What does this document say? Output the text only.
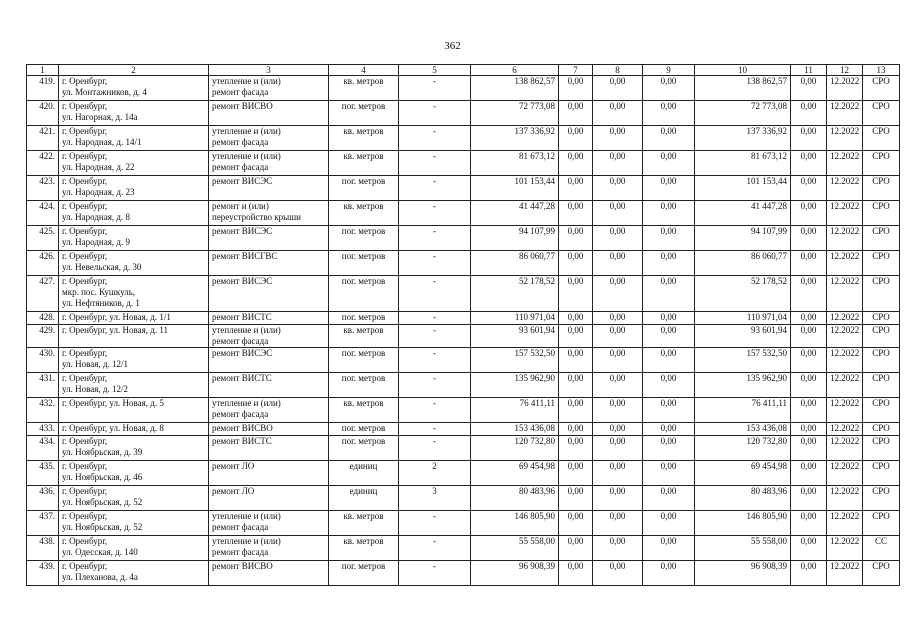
362
1	2	3	4	5	6	7	8	9	10	11	12	13
419.	г. Оренбург,
ул. Монтажников, д. 4	утепление и (или)
ремонт фасада	кв. метров	-	138 862,57	0,00	0,00	0,00	138 862,57	0,00	12.2022	СРО
420.	г. Оренбург,
ул. Нагорная, д. 14а	ремонт ВИСВО	пог. метров	-	72 773,08	0,00	0,00	0,00	72 773,08	0,00	12.2022	СРО
421.	г. Оренбург,
ул. Народная, д. 14/1	утепление и (или)
ремонт фасада	кв. метров	-	137 336,92	0,00	0,00	0,00	137 336,92	0,00	12.2022	СРО
422.	г. Оренбург,
ул. Народная, д. 22	утепление и (или)
ремонт фасада	кв. метров	-	81 673,12	0,00	0,00	0,00	81 673,12	0,00	12.2022	СРО
423.	г. Оренбург,
ул. Народная, д. 23	ремонт ВИСЭС	пог. метров	-	101 153,44	0,00	0,00	0,00	101 153,44	0,00	12.2022	СРО
424.	г. Оренбург,
ул. Народная, д. 8	ремонт и (или)
переустройство крыши	кв. метров	-	41 447,28	0,00	0,00	0,00	41 447,28	0,00	12.2022	СРО
425.	г. Оренбург,
ул. Народная, д. 9	ремонт ВИСЭС	пог. метров	-	94 107,99	0,00	0,00	0,00	94 107,99	0,00	12.2022	СРО
426.	г. Оренбург,
ул. Невельская, д. 30	ремонт ВИСГВС	пог. метров	-	86 060,77	0,00	0,00	0,00	86 060,77	0,00	12.2022	СРО
427.	г. Оренбург,
мкр. пос. Кушкуль,
ул. Нефтяников, д. 1	ремонт ВИСЭС	пог. метров	-	52 178,52	0,00	0,00	0,00	52 178,52	0,00	12.2022	СРО
428.	г. Оренбург, ул. Новая, д. 1/1	ремонт ВИСТС	пог. метров	-	110 971,04	0,00	0,00	0,00	110 971,04	0,00	12.2022	СРО
429.	г. Оренбург, ул. Новая, д. 11	утепление и (или)
ремонт фасада	кв. метров	-	93 601,94	0,00	0,00	0,00	93 601,94	0,00	12.2022	СРО
430.	г. Оренбург,
ул. Новая, д. 12/1	ремонт ВИСЭС	пог. метров	-	157 532,50	0,00	0,00	0,00	157 532,50	0,00	12.2022	СРО
431.	г. Оренбург,
ул. Новая, д. 12/2	ремонт ВИСТС	пог. метров	-	135 962,90	0,00	0,00	0,00	135 962,90	0,00	12.2022	СРО
432.	г. Оренбург, ул. Новая, д. 5	утепление и (или)
ремонт фасада	кв. метров	-	76 411,11	0,00	0,00	0,00	76 411,11	0,00	12.2022	СРО
433.	г. Оренбург, ул. Новая, д. 8	ремонт ВИСВО	пог. метров	-	153 436,08	0,00	0,00	0,00	153 436,08	0,00	12.2022	СРО
434.	г. Оренбург,
ул. Ноябрьская, д. 39	ремонт ВИСТС	пог. метров	-	120 732,80	0,00	0,00	0,00	120 732,80	0,00	12.2022	СРО
435.	г. Оренбург,
ул. Ноябрьская, д. 46	ремонт ЛО	единиц	2	69 454,98	0,00	0,00	0,00	69 454,98	0,00	12.2022	СРО
436.	г. Оренбург,
ул. Ноябрьская, д. 52	ремонт ЛО	единиц	3	80 483,96	0,00	0,00	0,00	80 483,96	0,00	12.2022	СРО
437.	г. Оренбург,
ул. Ноябрьская, д. 52	утепление и (или)
ремонт фасада	кв. метров	-	146 805,90	0,00	0,00	0,00	146 805,90	0,00	12.2022	СРО
438.	г. Оренбург,
ул. Одесская, д. 140	утепление и (или)
ремонт фасада	кв. метров	-	55 558,00	0,00	0,00	0,00	55 558,00	0,00	12.2022	СС
439.	г. Оренбург,
ул. Плеханова, д. 4а	ремонт ВИСВО	пог. метров	-	96 908,39	0,00	0,00	0,00	96 908,39	0,00	12.2022	СРО
